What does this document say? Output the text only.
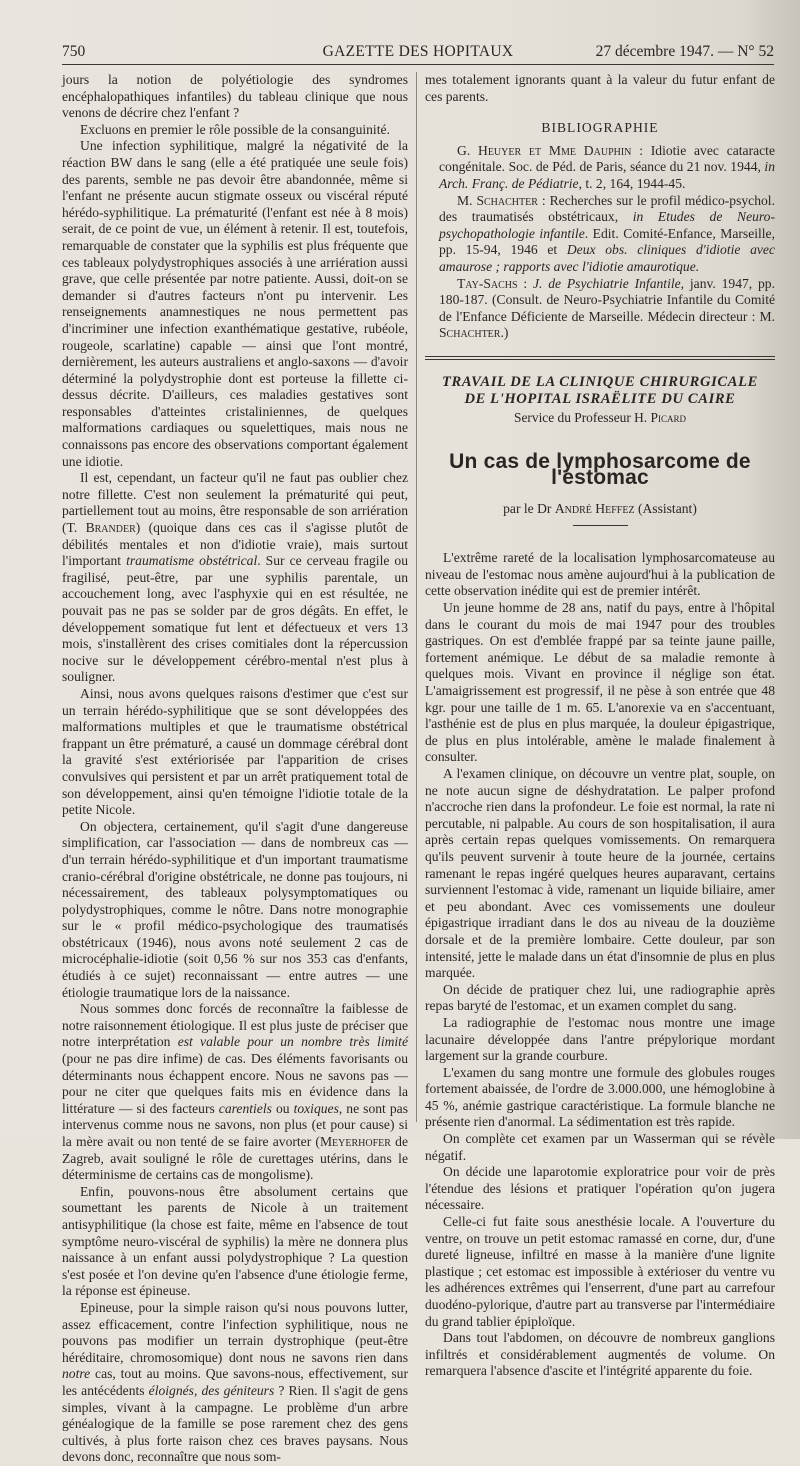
750	GAZETTE DES HOPITAUX	27 décembre 1947. — N° 52

jours la notion de polyétiologie des syndromes encéphalopathiques infantiles) du tableau clinique que nous venons de décrire chez l'enfant ?

Excluons en premier le rôle possible de la consanguinité.

Une infection syphilitique, malgré la négativité de la réaction BW dans le sang (elle a été pratiquée une seule fois) des parents, semble ne pas devoir être abandonnée, même si l'enfant ne présente aucun stigmate osseux ou viscéral réputé hérédo-syphilitique. La prématurité (l'enfant est née à 8 mois) serait, de ce point de vue, un élément à retenir. Il est, toutefois, remarquable de constater que la syphilis est plus fréquente que ces tableaux polydystrophiques associés à une arriération aussi grave, que celle présentée par notre patiente. Aussi, doit-on se demander si d'autres facteurs n'ont pu intervenir. Les renseignements anamnestiques ne nous permettent pas d'incriminer une infection exanthématique gestative, rubéole, rougeole, scarlatine) capable — ainsi que l'ont montré, dernièrement, les auteurs australiens et anglo-saxons — d'avoir déterminé la polydystrophie dont est porteuse la fillette ci-dessus décrite. D'ailleurs, ces maladies gestatives sont responsables d'atteintes cristaliniennes, de quelques malformations cardiaques ou squelettiques, mais nous ne connaissons pas encore des observations comportant également une idiotie.

Il est, cependant, un facteur qu'il ne faut pas oublier chez notre fillette. C'est non seulement la prématurité qui peut, partiellement tout au moins, être responsable de son arriération (T. Brander) (quoique dans ces cas il s'agisse plutôt de débilités mentales et non d'idiotie vraie), mais surtout l'important traumatisme obstétrical. Sur ce cerveau fragile ou fragilisé, peut-être, par une syphilis parentale, un accouchement long, avec l'asphyxie qui en est résultée, ne pouvait pas ne pas se solder par de gros dégâts. En effet, le développement somatique fut lent et défectueux et vers 13 mois, s'installèrent des crises comitiales dont la répercussion nocive sur le développement cérébro-mental n'est plus à souligner.

Ainsi, nous avons quelques raisons d'estimer que c'est sur un terrain hérédo-syphilitique que se sont développées des malformations multiples et que le traumatisme obstétrical frappant un être prématuré, a causé un dommage cérébral dont la gravité s'est extériorisée par l'apparition de crises convulsives qui persistent et par un arrêt pratiquement total de son développement, ainsi qu'en témoigne l'idiotie totale de la petite Nicole.

On objectera, certainement, qu'il s'agit d'une dangereuse simplification, car l'association — dans de nombreux cas — d'un terrain hérédo-syphilitique et d'un important traumatisme cranio-cérébral d'origine obstétricale, ne donne pas toujours, ni nécessairement, des tableaux polysymptomatiques ou polydystrophiques, comme le nôtre. Dans notre monographie sur le « profil médico-psychologique des traumatisés obstétricaux (1946), nous avons noté seulement 2 cas de microcéphalie-idiotie (soit 0,56 % sur nos 353 cas d'enfants, étudiés à ce sujet) reconnaissant — entre autres — une étiologie traumatique lors de la naissance.

Nous sommes donc forcés de reconnaître la faiblesse de notre raisonnement étiologique. Il est plus juste de préciser que notre interprétation est valable pour un nombre très limité (pour ne pas dire infime) de cas. Des éléments favorisants ou déterminants nous échappent encore. Nous ne savons pas — pour ne citer que quelques faits mis en évidence dans la littérature — si des facteurs carentiels ou toxiques, ne sont pas intervenus comme nous ne savons, non plus (et pour cause) si la mère avait ou non tenté de se faire avorter (Meyerhofer de Zagreb, avait souligné le rôle de curettages utérins, dans le déterminisme de certains cas de mongolisme).

Enfin, pouvons-nous être absolument certains que soumettant les parents de Nicole à un traitement antisyphilitique (la chose est faite, même en l'absence de tout symptôme neuro-viscéral de syphilis) la mère ne donnera plus naissance à un enfant aussi polydystrophique ? La question s'est posée et l'on devine qu'en l'absence d'une étiologie ferme, la réponse est épineuse.

Epineuse, pour la simple raison qu'si nous pouvons lutter, assez efficacement, contre l'infection syphilitique, nous ne pouvons pas modifier un terrain dystrophique (peut-être héréditaire, chromosomique) dont nous ne savons rien dans notre cas, tout au moins. Que savons-nous, effectivement, sur les antécédents éloignés, des géniteurs ? Rien. Il s'agit de gens simples, vivant à la campagne. Le problème d'un arbre généalogique de la famille se pose rarement chez des gens cultivés, à plus forte raison chez ces braves paysans. Nous devons donc, reconnaître que nous som-

mes totalement ignorants quant à la valeur du futur enfant de ces parents.

BIBLIOGRAPHIE

G. Heuyer et Mme Dauphin : Idiotie avec cataracte congénitale. Soc. de Péd. de Paris, séance du 21 nov. 1944, in Arch. Franç. de Pédiatrie, t. 2, 164, 1944-45.

M. Schachter : Recherches sur le profil médico-psychol. des traumatisés obstétricaux, in Etudes de Neuro-psychopathologie infantile. Edit. Comité-Enfance, Marseille, pp. 15-94, 1946 et Deux obs. cliniques d'idiotie avec amaurose ; rapports avec l'idiotie amaurotique.

Tay-Sachs : J. de Psychiatrie Infantile, janv. 1947, pp. 180-187. (Consult. de Neuro-Psychiatrie Infantile du Comité de l'Enfance Déficiente de Marseille. Médecin directeur : M. Schachter.)

TRAVAIL DE LA CLINIQUE CHIRURGICALE
DE L'HOPITAL ISRAËLITE DU CAIRE
Service du Professeur H. Picard
Un cas de lymphosarcome de l'estomac
par le Dr André Heffez (Assistant)

L'extrême rareté de la localisation lymphosarcomateuse au niveau de l'estomac nous amène aujourd'hui à la publication de cette observation inédite qui est de premier intérêt.

Un jeune homme de 28 ans, natif du pays, entre à l'hôpital dans le courant du mois de mai 1947 pour des troubles gastriques. On est d'emblée frappé par sa teinte jaune paille, fortement anémique. Le début de sa maladie remonte à quelques mois. Vivant en province il néglige son état. L'amaigrissement est progressif, il ne pèse à son entrée que 48 kgr. pour une taille de 1 m. 65. L'anorexie va en s'accentuant, l'asthénie est de plus en plus marquée, la douleur épigastrique, de plus en plus intolérable, amène le malade finalement à consulter.

A l'examen clinique, on découvre un ventre plat, souple, on ne note aucun signe de déshydratation. Le palper profond n'accroche rien dans la profondeur. Le foie est normal, la rate ni percutable, ni palpable. Au cours de son hospitalisation, il aura après certain repas quelques vomissements. On remarquera qu'ils peuvent survenir à toute heure de la journée, certains ramenant le repas ingéré quelques heures auparavant, certains surviennent l'estomac à vide, ramenant un liquide biliaire, amer et peu abondant. Avec ces vomissements une douleur épigastrique irradiant dans le dos au niveau de la douzième dorsale et de la première lombaire. Cette douleur, par son intensité, jette le malade dans un état d'insomnie de plus en plus marquée.

On décide de pratiquer chez lui, une radiographie après repas baryté de l'estomac, et un examen complet du sang.

La radiographie de l'estomac nous montre une image lacunaire développée dans l'antre prépylorique mordant largement sur la grande courbure.

L'examen du sang montre une formule des globules rouges fortement abaissée, de l'ordre de 3.000.000, une hémoglobine à 45 %, anémie gastrique caractéristique. La formule blanche ne présente rien d'anormal. La sédimentation est très rapide.

On complète cet examen par un Wasserman qui se révèle négatif.

On décide une laparotomie exploratrice pour voir de près l'étendue des lésions et pratiquer l'opération qu'on jugera nécessaire.

Celle-ci fut faite sous anesthésie locale. A l'ouverture du ventre, on trouve un petit estomac ramassé en corne, dur, d'une dureté ligneuse, infiltré en masse à la manière d'une lignite plastique ; cet estomac est impossible à extérioser du ventre vu les adhérences extrêmes qui l'enserrent, d'une part au carrefour duodéno-pylorique, d'autre part au transverse par l'intermédiaire du grand tablier épiploïque.

Dans tout l'abdomen, on découvre de nombreux ganglions infiltrés et considérablement augmentés de volume. On remarquera l'absence d'ascite et l'intégrité apparente du foie.
